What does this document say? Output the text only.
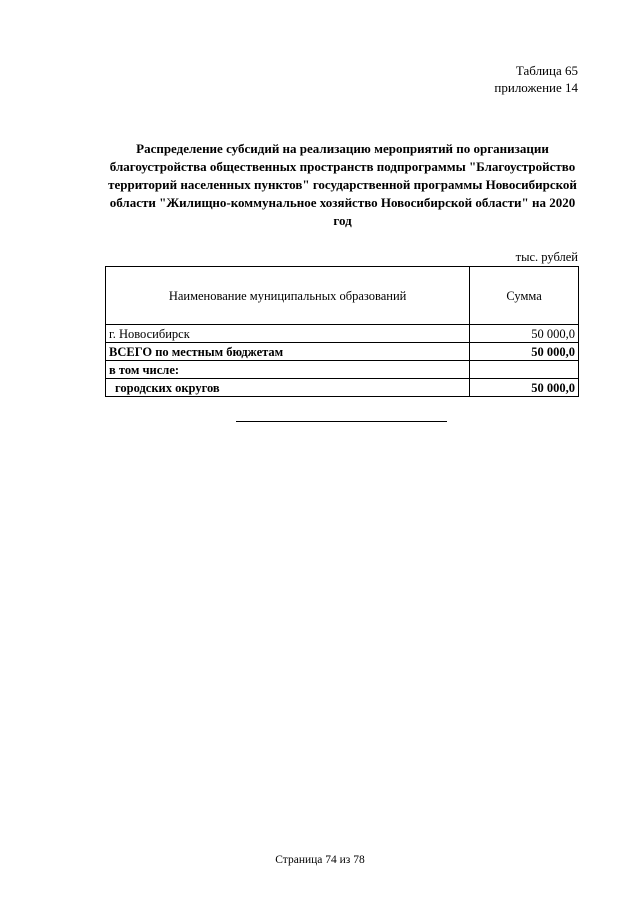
Таблица 65
приложение 14
Распределение субсидий на реализацию мероприятий по организации
благоустройства общественных пространств подпрограммы "Благоустройство
территорий населенных пунктов" государственной программы Новосибирской
области "Жилищно-коммунальное хозяйство Новосибирской области" на 2020
год
тыс. рублей
Наименование муниципальных образований	Сумма
г. Новосибирск	50 000,0
ВСЕГО по местным бюджетам	50 000,0
в том числе:	
городских округов	50 000,0
Страница 74 из 78
